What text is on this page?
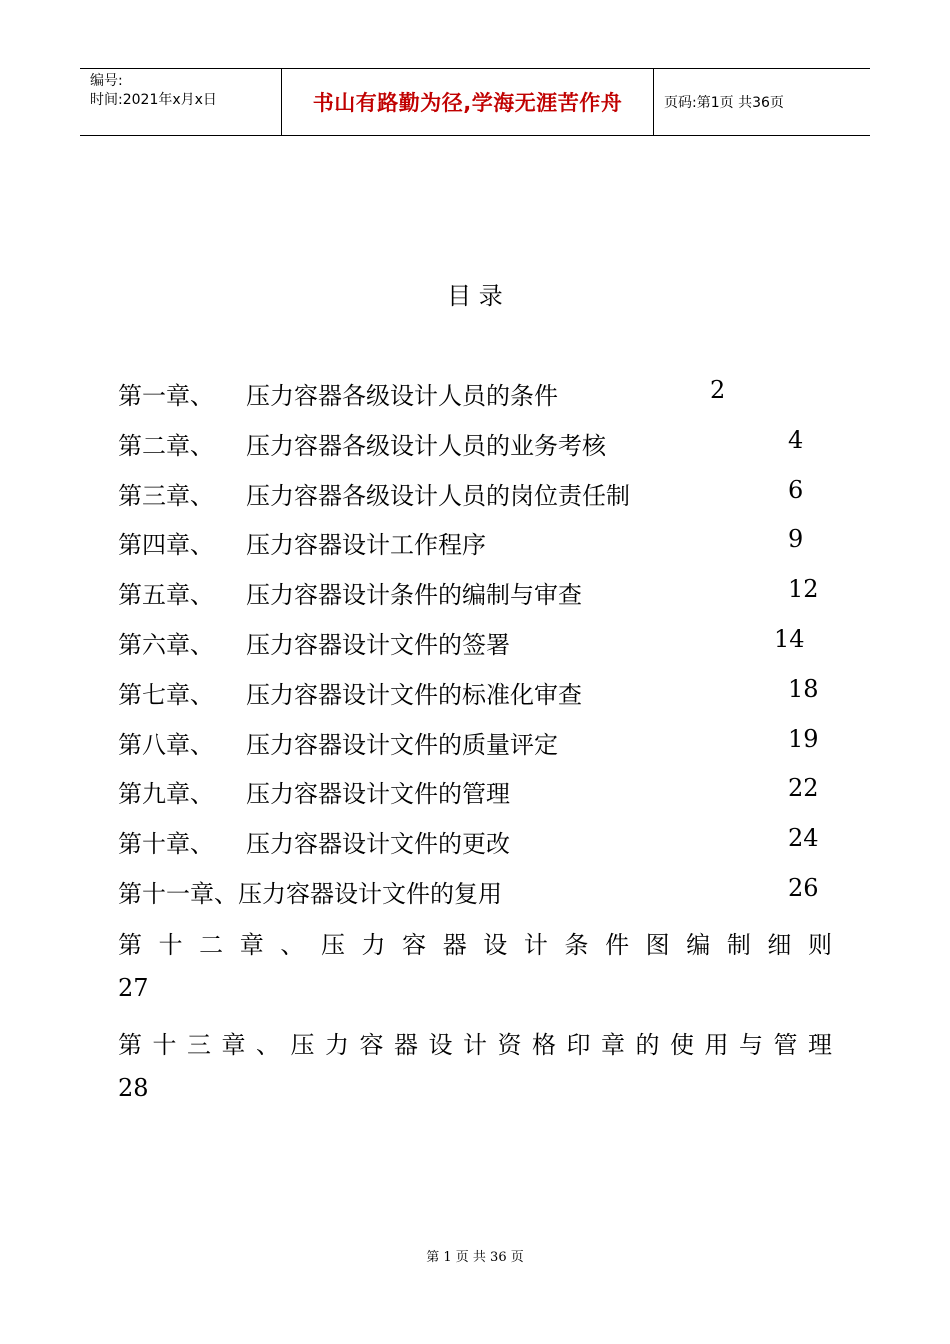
编号:
时间:2021年x月x日	书山有路勤为径,学海无涯苦作舟	页码:第1页 共36页
目 录
第一章、 压力容器各级设计人员的条件	2
第二章、 压力容器各级设计人员的业务考核	4
第三章、 压力容器各级设计人员的岗位责任制	6
第四章、 压力容器设计工作程序	9
第五章、 压力容器设计条件的编制与审查	12
第六章、 压力容器设计文件的签署	14
第七章、 压力容器设计文件的标准化审查	18
第八章、 压力容器设计文件的质量评定	19
第九章、 压力容器设计文件的管理	22
第十章、 压力容器设计文件的更改	24
第十一章、压力容器设计文件的复用	26
第 十 二 章 、 压 力 容 器 设 计 条 件 图 编 制 细 则
27
第 十 三 章 、 压 力 容 器 设 计 资 格 印 章 的 使 用 与 管 理
28
第 1 页 共 36 页
